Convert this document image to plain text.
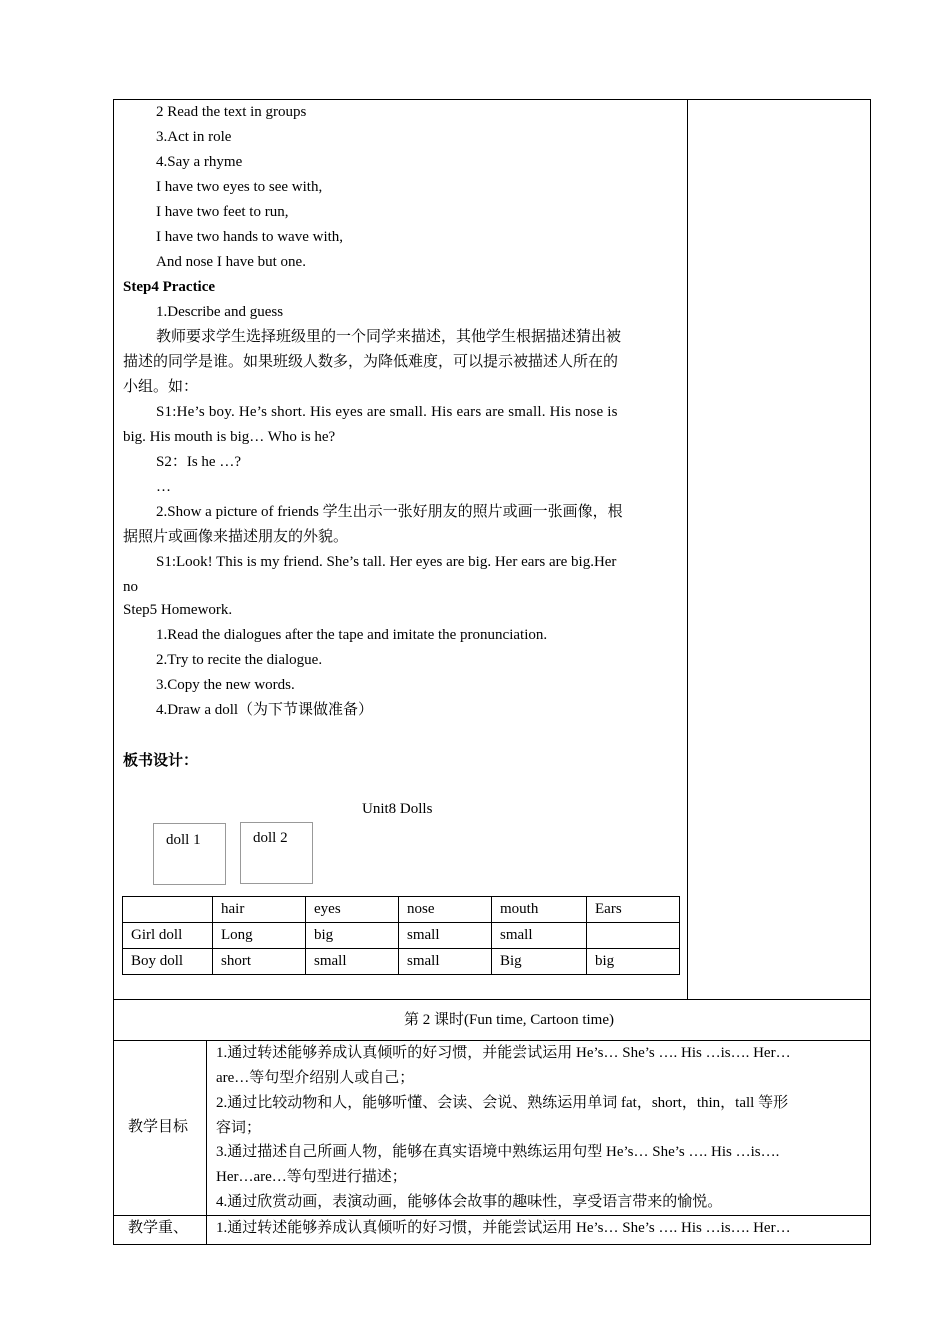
2 Read the text in groups
3.Act in role
4.Say a rhyme
I have two eyes to see with,
I have two feet to run,
I have two hands to wave with,
And nose I have but one.
Step4 Practice
1.Describe and guess
教师要求学生选择班级里的一个同学来描述，其他学生根据描述猜出被
描述的同学是谁。如果班级人数多，为降低难度，可以提示被描述人所在的
小组。如：
S1:He’s boy. He’s short. His eyes are small. His ears are small. His nose is
big. His mouth is big… Who is he?
S2：Is he …?
…
2.Show a picture of friends 学生出示一张好朋友的照片或画一张画像，根
据照片或画像来描述朋友的外貌。
S1:Look! This is my friend. She’s tall. Her eyes are big. Her ears are big.Her
no
Step5 Homework.
1.Read the dialogues after the tape and imitate the pronunciation.
2.Try to recite the dialogue.
3.Copy the new words.
4.Draw a doll（为下节课做准备）
板书设计：
Unit8 Dolls
doll 1	doll 2
	hair	eyes	nose	mouth	Ears
Girl doll	Long	big	small	small	
Boy doll	short	small	small	Big	big
第 2 课时(Fun time, Cartoon time)
教学目标
1.通过转述能够养成认真倾听的好习惯，并能尝试运用 He’s… She’s …. His …is…. Her…
are…等句型介绍别人或自己；
2.通过比较动物和人，能够听懂、会读、会说、熟练运用单词 fat，short，thin，tall 等形
容词；
3.通过描述自己所画人物，能够在真实语境中熟练运用句型 He’s… She’s …. His …is….
Her…are…等句型进行描述；
4.通过欣赏动画，表演动画，能够体会故事的趣味性，享受语言带来的愉悦。
教学重、 1.通过转述能够养成认真倾听的好习惯，并能尝试运用 He’s… She’s …. His …is…. Her…
